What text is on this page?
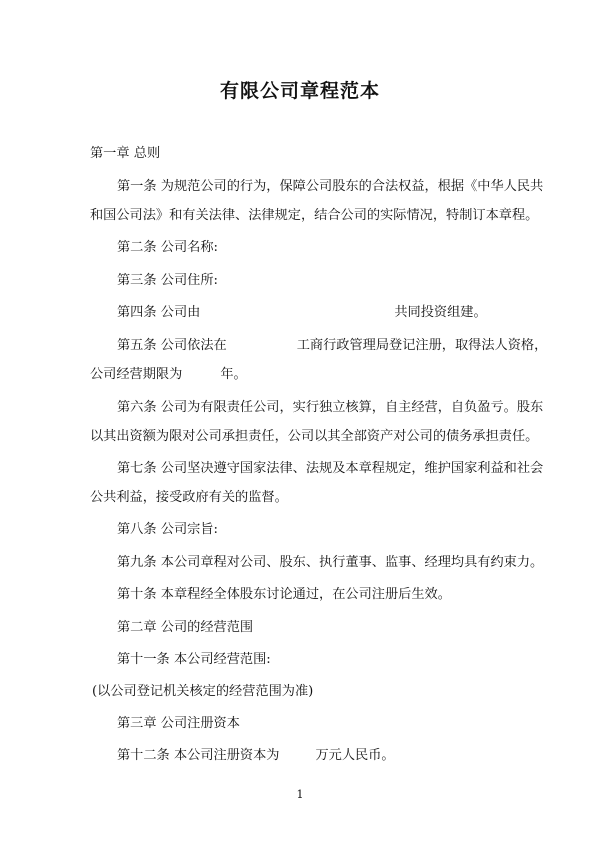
有限公司章程范本
第一章 总则
第一条 为规范公司的行为，保障公司股东的合法权益，根据《中华人民共
和国公司法》和有关法律、法律规定，结合公司的实际情况，特制订本章程。
第二条 公司名称:
第三条 公司住所:
第四条 公司由	共同投资组建。
第五条 公司依法在	工商行政管理局登记注册，取得法人资格，
公司经营期限为	年。
第六条 公司为有限责任公司，实行独立核算，自主经营，自负盈亏。股东
以其出资额为限对公司承担责任，公司以其全部资产对公司的债务承担责任。
第七条 公司坚决遵守国家法律、法规及本章程规定，维护国家利益和社会
公共利益，接受政府有关的监督。
第八条 公司宗旨:
第九条 本公司章程对公司、股东、执行董事、监事、经理均具有约束力。
第十条 本章程经全体股东讨论通过，在公司注册后生效。
第二章 公司的经营范围
第十一条 本公司经营范围:
(以公司登记机关核定的经营范围为准)
第三章 公司注册资本
第十二条 本公司注册资本为	万元人民币。
1
